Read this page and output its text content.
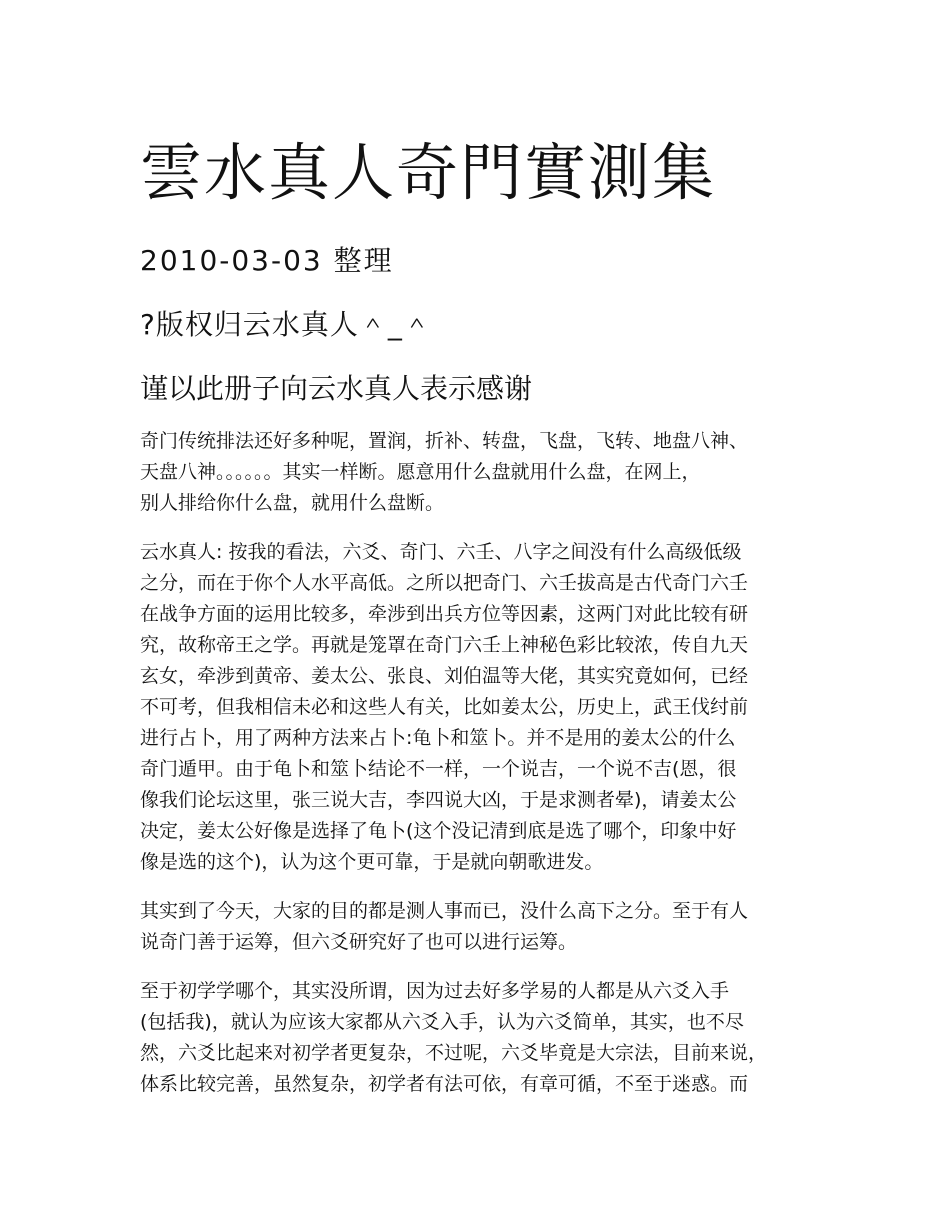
雲水真人奇門實測集
2010-03-03 整理
?版权归云水真人＾_＾
谨以此册子向云水真人表示感谢

奇门传统排法还好多种呢，置润，折补、转盘，飞盘，飞转、地盘八神、
天盘八神。。。。。。其实一样断。愿意用什么盘就用什么盘，在网上，
别人排给你什么盘，就用什么盘断。

云水真人: 按我的看法，六爻、奇门、六壬、八字之间没有什么高级低级
之分，而在于你个人水平高低。之所以把奇门、六壬拔高是古代奇门六壬
在战争方面的运用比较多，牵涉到出兵方位等因素，这两门对此比较有研
究，故称帝王之学。再就是笼罩在奇门六壬上神秘色彩比较浓，传自九天
玄女，牵涉到黄帝、姜太公、张良、刘伯温等大佬，其实究竟如何，已经
不可考，但我相信未必和这些人有关，比如姜太公，历史上，武王伐纣前
进行占卜，用了两种方法来占卜:龟卜和筮卜。并不是用的姜太公的什么
奇门遁甲。由于龟卜和筮卜结论不一样，一个说吉，一个说不吉(恩，很
像我们论坛这里，张三说大吉，李四说大凶，于是求测者晕)，请姜太公
决定，姜太公好像是选择了龟卜(这个没记清到底是选了哪个，印象中好
像是选的这个)，认为这个更可靠，于是就向朝歌进发。

其实到了今天，大家的目的都是测人事而已，没什么高下之分。至于有人
说奇门善于运筹，但六爻研究好了也可以进行运筹。

至于初学学哪个，其实没所谓，因为过去好多学易的人都是从六爻入手
(包括我)，就认为应该大家都从六爻入手，认为六爻简单，其实，也不尽
然，六爻比起来对初学者更复杂，不过呢，六爻毕竟是大宗法，目前来说，
体系比较完善，虽然复杂，初学者有法可依，有章可循，不至于迷惑。而
